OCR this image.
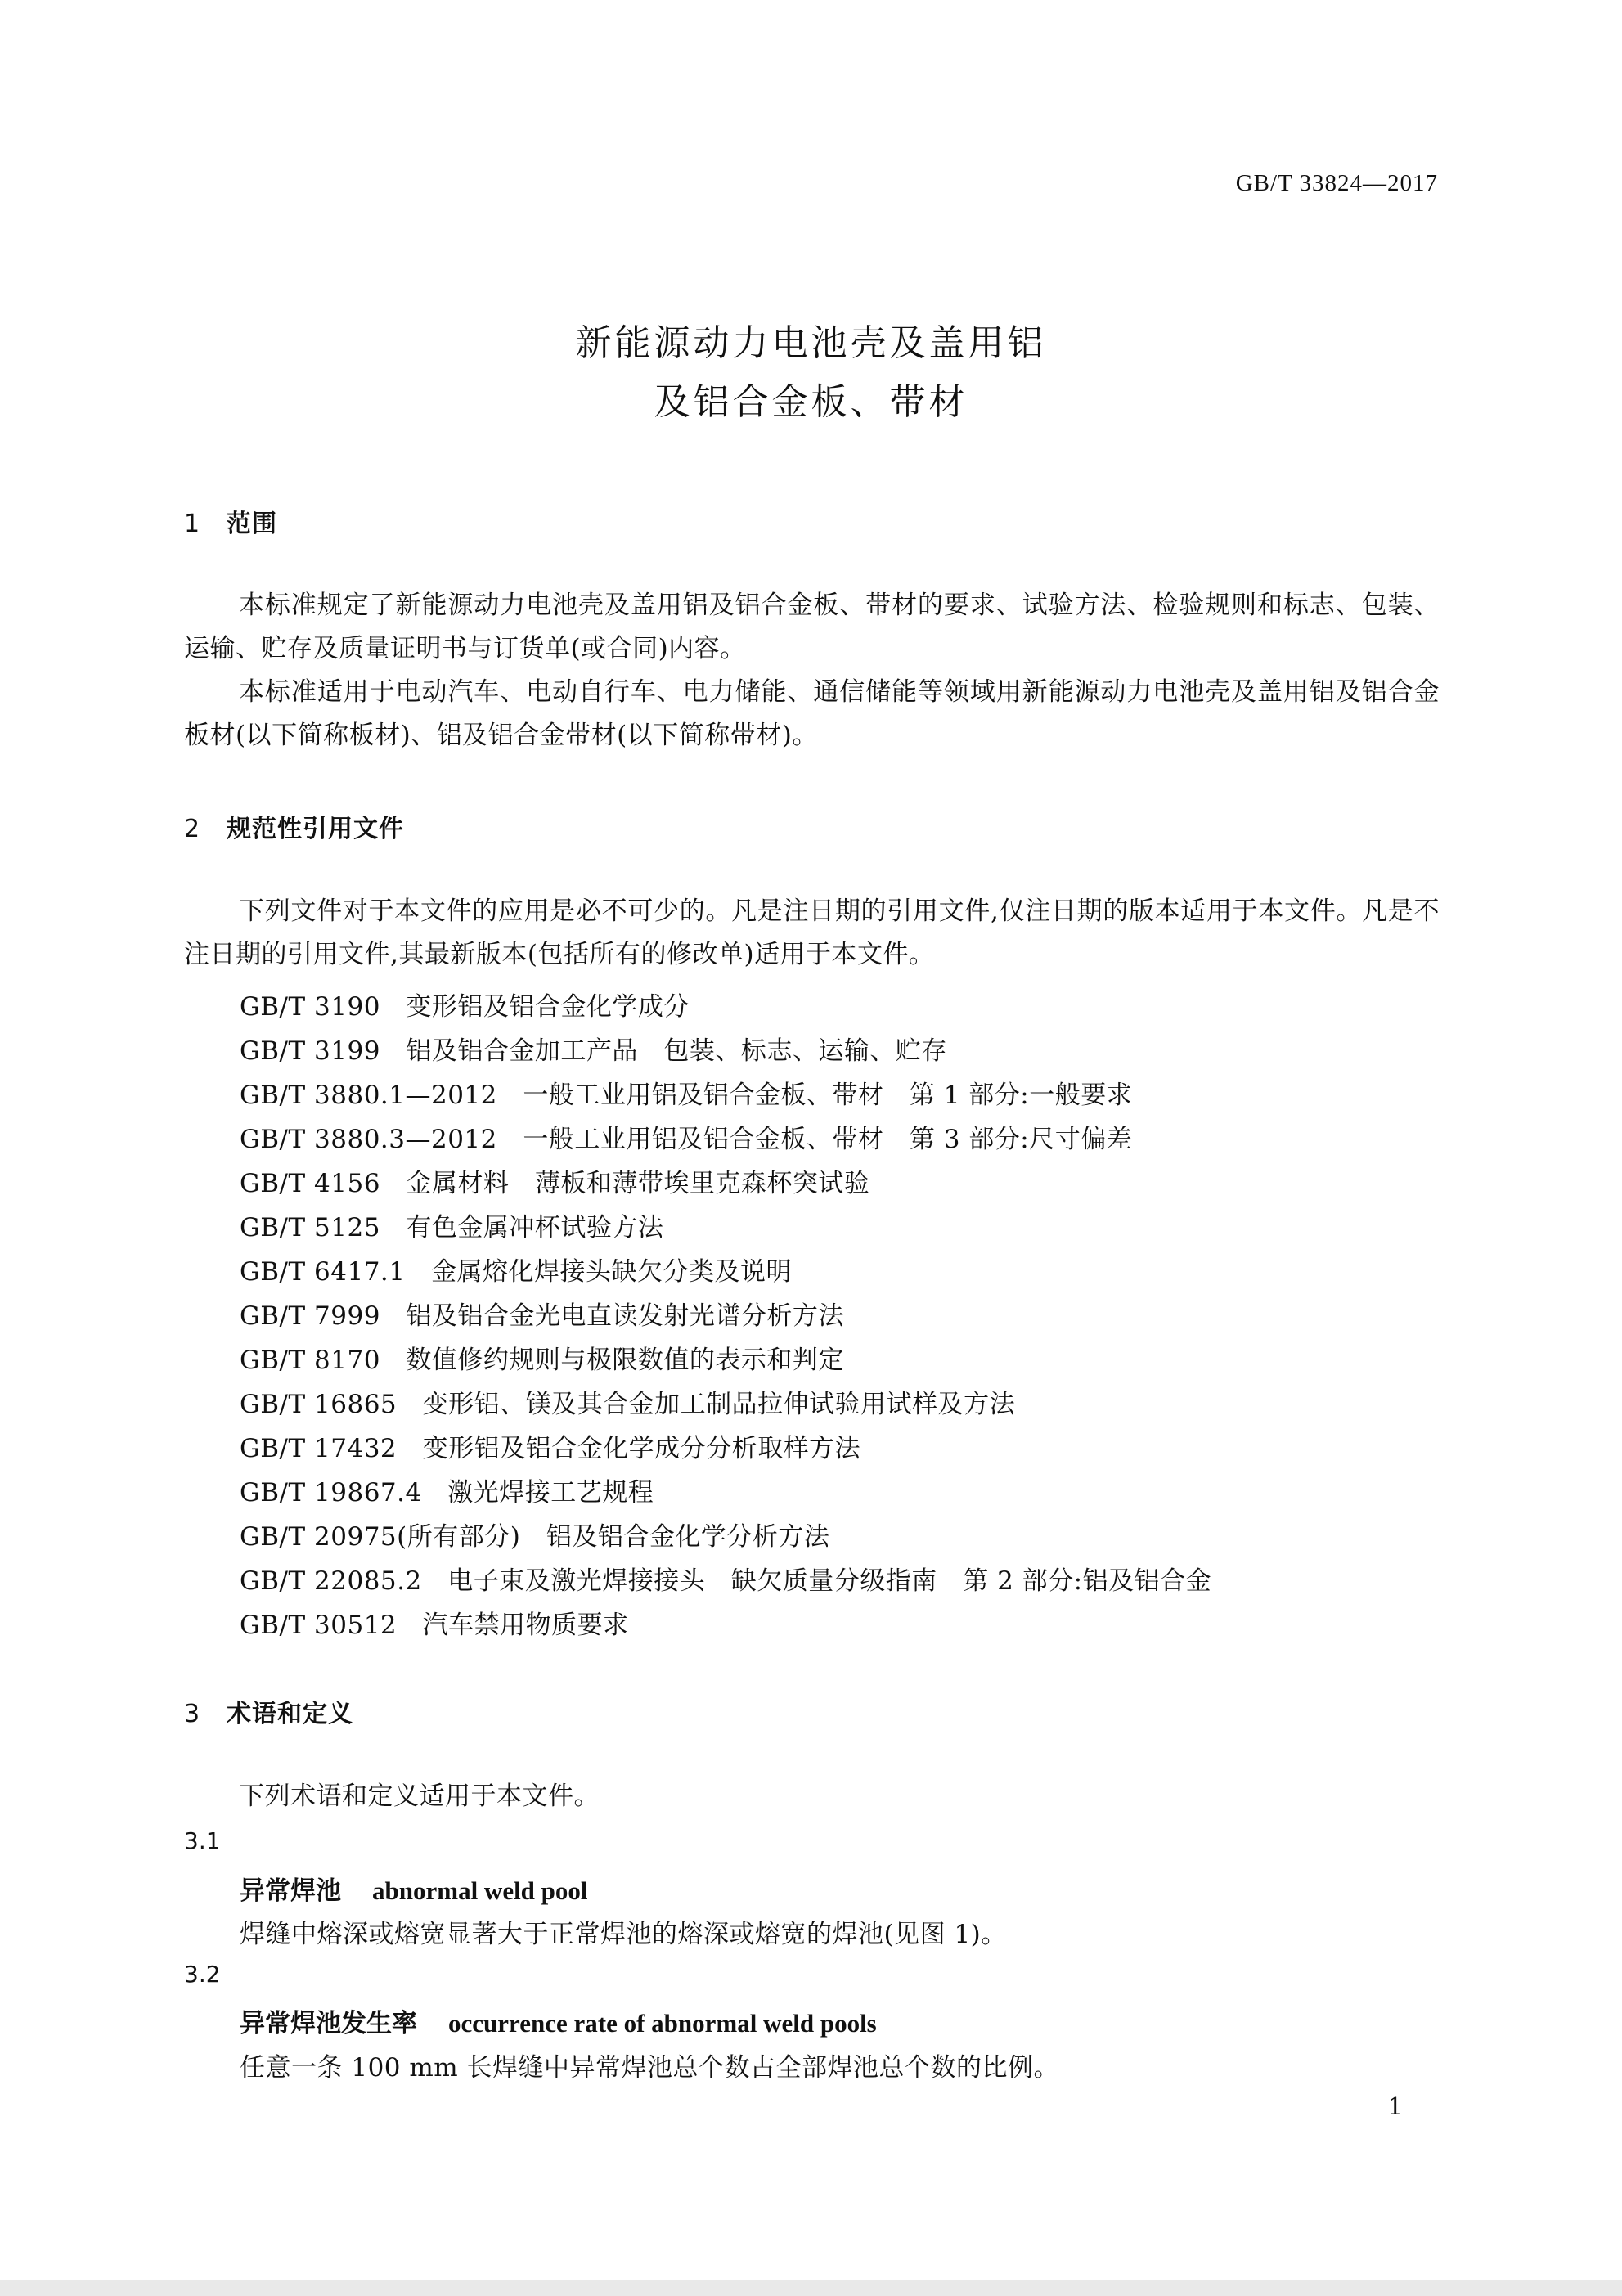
GB/T 33824—2017
新能源动力电池壳及盖用铝
及铝合金板、带材
1 范围
本标准规定了新能源动力电池壳及盖用铝及铝合金板、带材的要求、试验方法、检验规则和标志、包装、运输、贮存及质量证明书与订货单(或合同)内容。
本标准适用于电动汽车、电动自行车、电力储能、通信储能等领域用新能源动力电池壳及盖用铝及铝合金板材(以下简称板材)、铝及铝合金带材(以下简称带材)。
2 规范性引用文件
下列文件对于本文件的应用是必不可少的。凡是注日期的引用文件,仅注日期的版本适用于本文件。凡是不注日期的引用文件,其最新版本(包括所有的修改单)适用于本文件。
GB/T 3190　变形铝及铝合金化学成分
GB/T 3199　铝及铝合金加工产品　包装、标志、运输、贮存
GB/T 3880.1—2012　一般工业用铝及铝合金板、带材　第 1 部分:一般要求
GB/T 3880.3—2012　一般工业用铝及铝合金板、带材　第 3 部分:尺寸偏差
GB/T 4156　金属材料　薄板和薄带埃里克森杯突试验
GB/T 5125　有色金属冲杯试验方法
GB/T 6417.1　金属熔化焊接头缺欠分类及说明
GB/T 7999　铝及铝合金光电直读发射光谱分析方法
GB/T 8170　数值修约规则与极限数值的表示和判定
GB/T 16865　变形铝、镁及其合金加工制品拉伸试验用试样及方法
GB/T 17432　变形铝及铝合金化学成分分析取样方法
GB/T 19867.4　激光焊接工艺规程
GB/T 20975(所有部分)　铝及铝合金化学分析方法
GB/T 22085.2　电子束及激光焊接接头　缺欠质量分级指南　第 2 部分:铝及铝合金
GB/T 30512　汽车禁用物质要求
3 术语和定义
下列术语和定义适用于本文件。
3.1
异常焊池 abnormal weld pool
焊缝中熔深或熔宽显著大于正常焊池的熔深或熔宽的焊池(见图 1)。
3.2
异常焊池发生率 occurrence rate of abnormal weld pools
任意一条 100 mm 长焊缝中异常焊池总个数占全部焊池总个数的比例。
1
